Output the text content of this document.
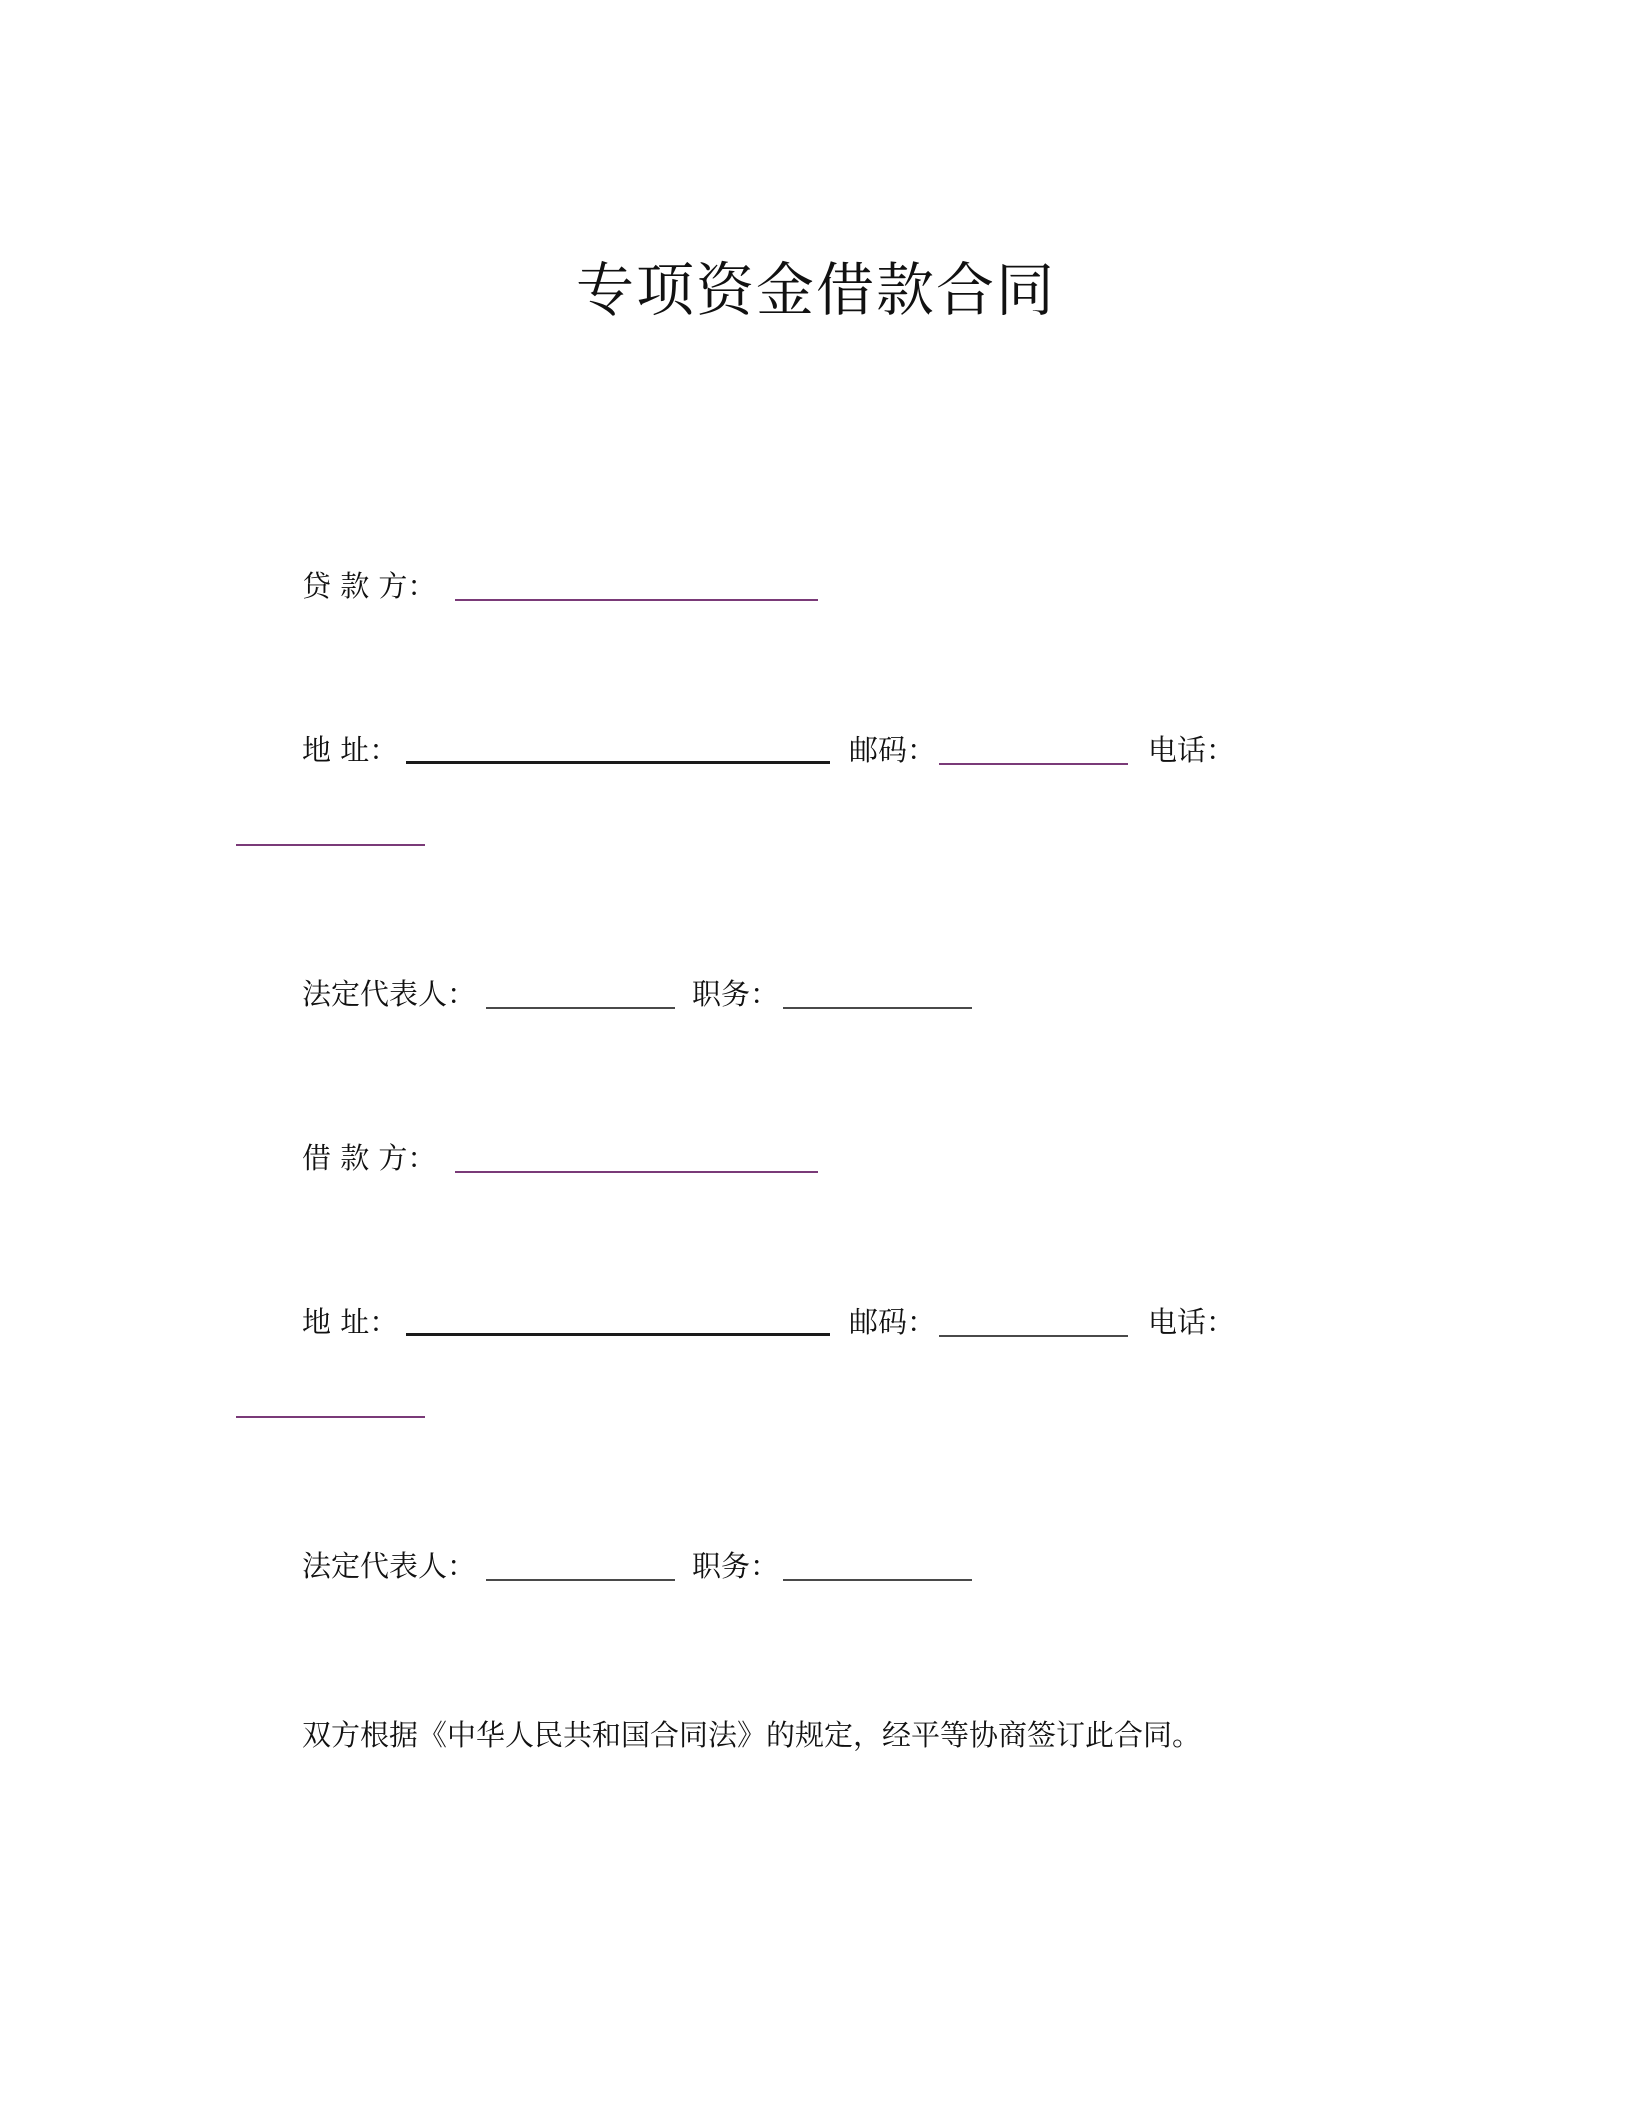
专项资金借款合同
贷 款 方：
地 址：	邮码：	电话：
法定代表人：	职务：
借 款 方：
地 址：	邮码：	电话：
法定代表人：	职务：
双方根据《中华人民共和国合同法》的规定，经平等协商签订此合同。
